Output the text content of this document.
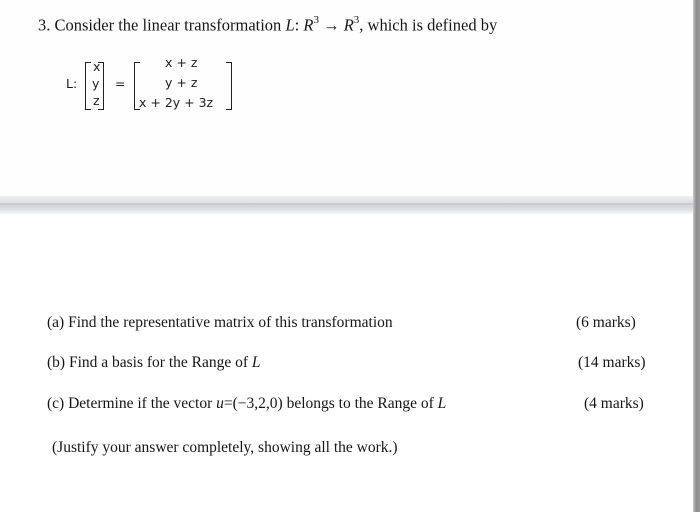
3. Consider the linear transformation L: $R^3 \to R^3$, which is defined by
L:
x
y
z
=
x + z
y + z
x + 2y + 3z
(a) Find the representative matrix of this transformation	(6 marks)
(b) Find a basis for the Range of L	(14 marks)
(c) Determine if the vector u=(−3,2,0) belongs to the Range of L	(4 marks)
(Justify your answer completely, showing all the work.)
